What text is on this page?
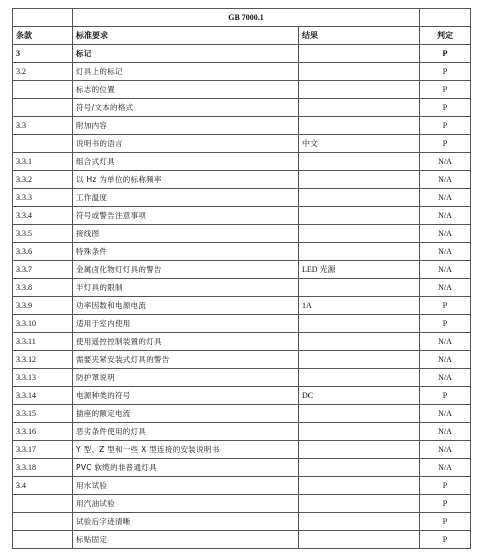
	GB 7000.1		
条款	标准要求	结果	判定
3	标记		P
3.2	灯具上的标记		P
	标志的位置		P
	符号/文本的格式		P
3.3	附加内容		P
	说明书的语言	中文	P
3.3.1	组合式灯具		N/A
3.3.2	以 Hz 为单位的标称频率		N/A
3.3.3	工作温度		N/A
3.3.4	符号或警告注意事项		N/A
3.3.5	接线图		N/A
3.3.6	特殊条件		N/A
3.3.7	金属卤化物灯灯具的警告	LED 光源	N/A
3.3.8	半灯具的限制		N/A
3.3.9	功率因数和电源电流	1A	P
3.3.10	适用于室内使用		P
3.3.11	使用遥控控制装置的灯具		N/A
3.3.12	需要夹紧安装式灯具的警告		N/A
3.3.13	防护罩说明		N/A
3.3.14	电源种类的符号	DC	P
3.3.15	插座的额定电流		N/A
3.3.16	恶劣条件使用的灯具		N/A
3.3.17	Y 型、Z 型和一些 X 型连接的安装说明书		N/A
3.3.18	PVC 软缆的非普通灯具		N/A
3.4	用水试验		P
	用汽油试验		P
	试验后字迹清晰		P
	标贴固定		P
